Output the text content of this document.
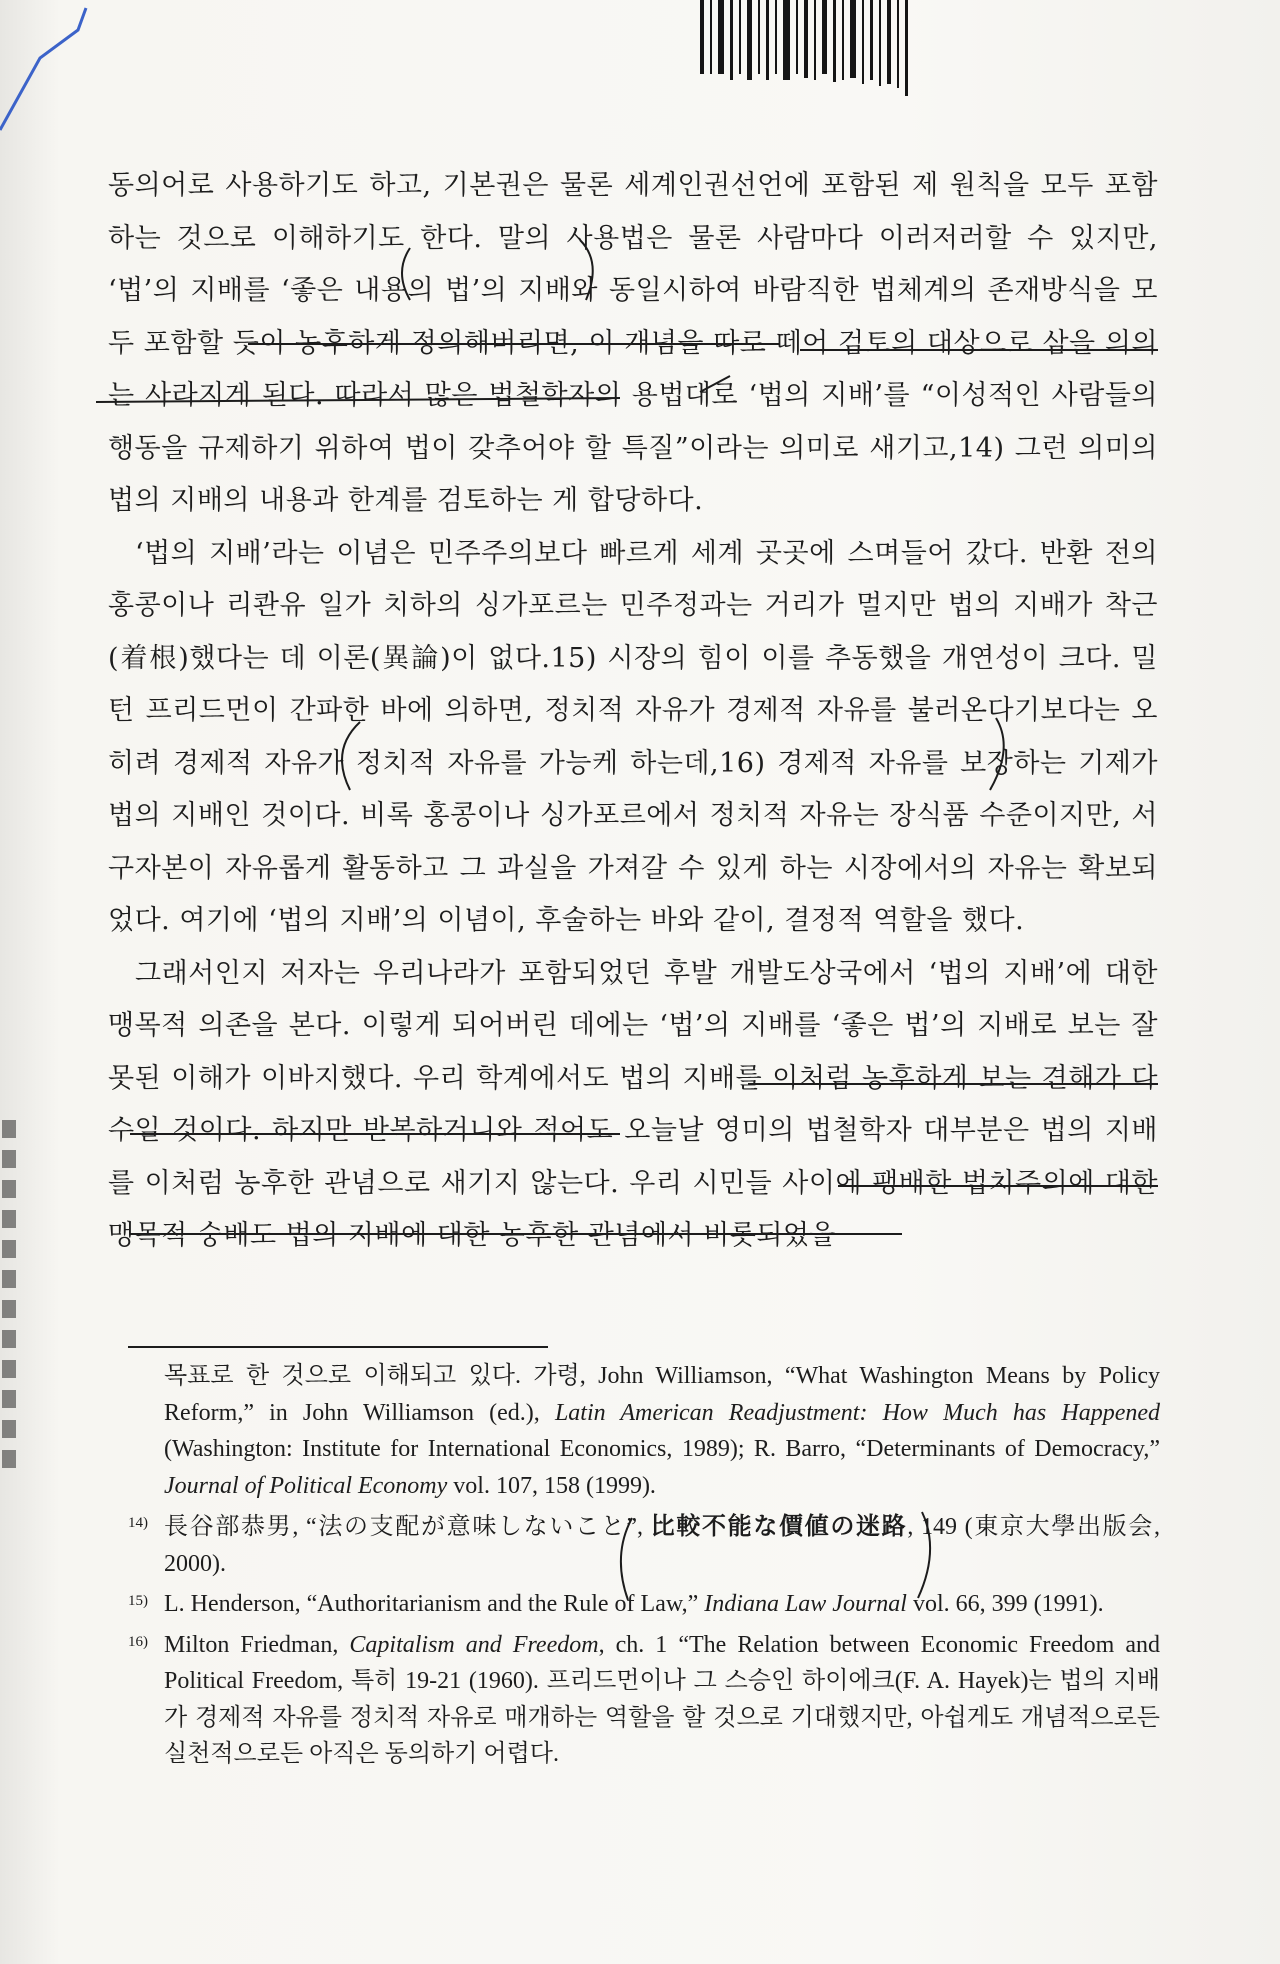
동의어로 사용하기도 하고, 기본권은 물론 세계인권선언에 포함된 제 원칙을 모두 포함하는 것으로 이해하기도 한다. 말의 사용법은 물론 사람마다 이러저러할 수 있지만, ‘법’의 지배를 ‘좋은 내용의 법’의 지배와 동일시하여 바람직한 법체계의 존재방식을 모두 포함할 듯이 농후하게 정의해버리면, 이 개념을 따로 떼어 검토의 대상으로 삼을 의의는 사라지게 된다. 따라서 많은 법철학자의 용법대로 ‘법의 지배’를 “이성적인 사람들의 행동을 규제하기 위하여 법이 갖추어야 할 특질”이라는 의미로 새기고,14) 그런 의미의 법의 지배의 내용과 한계를 검토하는 게 합당하다.

‘법의 지배’라는 이념은 민주주의보다 빠르게 세계 곳곳에 스며들어 갔다. 반환 전의 홍콩이나 리콴유 일가 치하의 싱가포르는 민주정과는 거리가 멀지만 법의 지배가 착근(着根)했다는 데 이론(異論)이 없다.15) 시장의 힘이 이를 추동했을 개연성이 크다. 밀턴 프리드먼이 간파한 바에 의하면, 정치적 자유가 경제적 자유를 불러온다기보다는 오히려 경제적 자유가 정치적 자유를 가능케 하는데,16) 경제적 자유를 보장하는 기제가 법의 지배인 것이다. 비록 홍콩이나 싱가포르에서 정치적 자유는 장식품 수준이지만, 서구자본이 자유롭게 활동하고 그 과실을 가져갈 수 있게 하는 시장에서의 자유는 확보되었다. 여기에 ‘법의 지배’의 이념이, 후술하는 바와 같이, 결정적 역할을 했다.

그래서인지 저자는 우리나라가 포함되었던 후발 개발도상국에서 ‘법의 지배’에 대한 맹목적 의존을 본다. 이렇게 되어버린 데에는 ‘법’의 지배를 ‘좋은 법’의 지배로 보는 잘못된 이해가 이바지했다. 우리 학계에서도 법의 지배를 이처럼 농후하게 보는 견해가 다수일 것이다. 하지만 반복하거니와 적어도 오늘날 영미의 법철학자 대부분은 법의 지배를 이처럼 농후한 관념으로 새기지 않는다. 우리 시민들 사이에 팽배한 법치주의에 대한 맹목적 숭배도 법의 지배에 대한 농후한 관념에서 비롯되었을

목표로 한 것으로 이해되고 있다. 가령, John Williamson, “What Washington Means by Policy Reform,” in John Williamson (ed.), Latin American Readjustment: How Much has Happened (Washington: Institute for International Economics, 1989); R. Barro, “Determinants of Democracy,” Journal of Political Economy vol. 107, 158 (1999).
14) 長谷部恭男, “法の支配が意味しないこと”, 比較不能な價値の迷路, 149 (東京大學出版会, 2000).
15) L. Henderson, “Authoritarianism and the Rule of Law,” Indiana Law Journal vol. 66, 399 (1991).
16) Milton Friedman, Capitalism and Freedom, ch. 1 “The Relation between Economic Freedom and Political Freedom, 특히 19-21 (1960). 프리드먼이나 그 스승인 하이에크(F. A. Hayek)는 법의 지배가 경제적 자유를 정치적 자유로 매개하는 역할을 할 것으로 기대했지만, 아쉽게도 개념적으로든 실천적으로든 아직은 동의하기 어렵다.
